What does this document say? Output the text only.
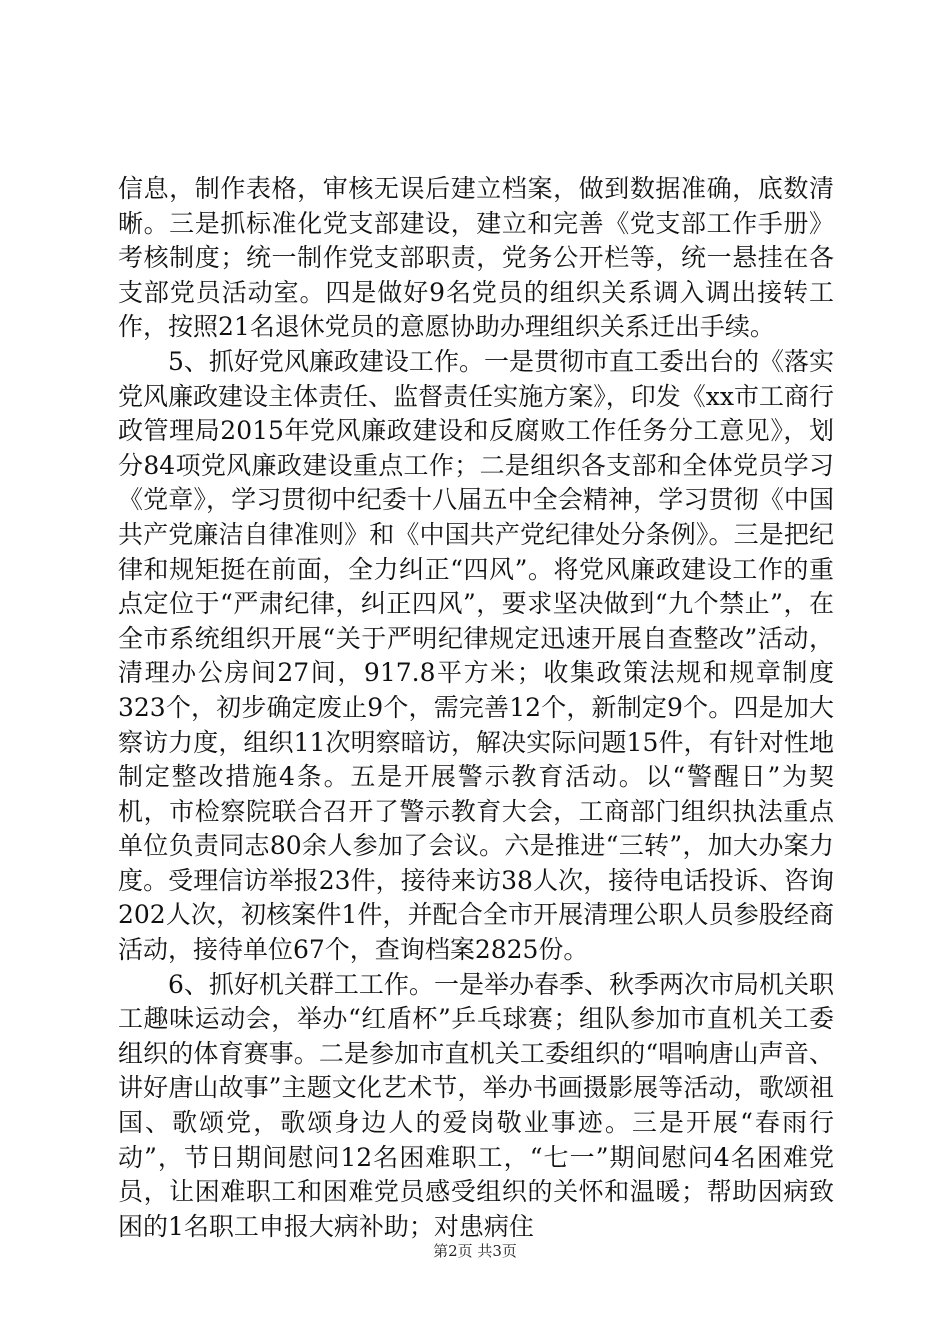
信息，制作表格，审核无误后建立档案，做到数据准确，底数清晰。三是抓标准化党支部建设，建立和完善《党支部工作手册》考核制度；统一制作党支部职责，党务公开栏等，统一悬挂在各支部党员活动室。四是做好9名党员的组织关系调入调出接转工作，按照21名退休党员的意愿协助办理组织关系迁出手续。

5、抓好党风廉政建设工作。一是贯彻市直工委出台的《落实党风廉政建设主体责任、监督责任实施方案》，印发《xx市工商行政管理局2015年党风廉政建设和反腐败工作任务分工意见》，划分84项党风廉政建设重点工作；二是组织各支部和全体党员学习《党章》，学习贯彻中纪委十八届五中全会精神，学习贯彻《中国共产党廉洁自律准则》和《中国共产党纪律处分条例》。三是把纪律和规矩挺在前面，全力纠正“四风”。将党风廉政建设工作的重点定位于“严肃纪律，纠正四风”，要求坚决做到“九个禁止”，在全市系统组织开展“关于严明纪律规定迅速开展自查整改”活动，清理办公房间27间，917.8平方米；收集政策法规和规章制度323个，初步确定废止9个，需完善12个，新制定9个。四是加大察访力度，组织11次明察暗访，解决实际问题15件，有针对性地制定整改措施4条。五是开展警示教育活动。以“警醒日”为契机，市检察院联合召开了警示教育大会，工商部门组织执法重点单位负责同志80余人参加了会议。六是推进“三转”，加大办案力度。受理信访举报23件，接待来访38人次，接待电话投诉、咨询202人次，初核案件1件，并配合全市开展清理公职人员参股经商活动，接待单位67个，查询档案2825份。

6、抓好机关群工工作。一是举办春季、秋季两次市局机关职工趣味运动会，举办“红盾杯”乒乓球赛；组队参加市直机关工委组织的体育赛事。二是参加市直机关工委组织的“唱响唐山声音、讲好唐山故事”主题文化艺术节，举办书画摄影展等活动，歌颂祖国、歌颂党，歌颂身边人的爱岗敬业事迹。三是开展“春雨行动”，节日期间慰问12名困难职工，“七一”期间慰问4名困难党员，让困难职工和困难党员感受组织的关怀和温暖；帮助因病致困的1名职工申报大病补助；对患病住

第2页 共3页
